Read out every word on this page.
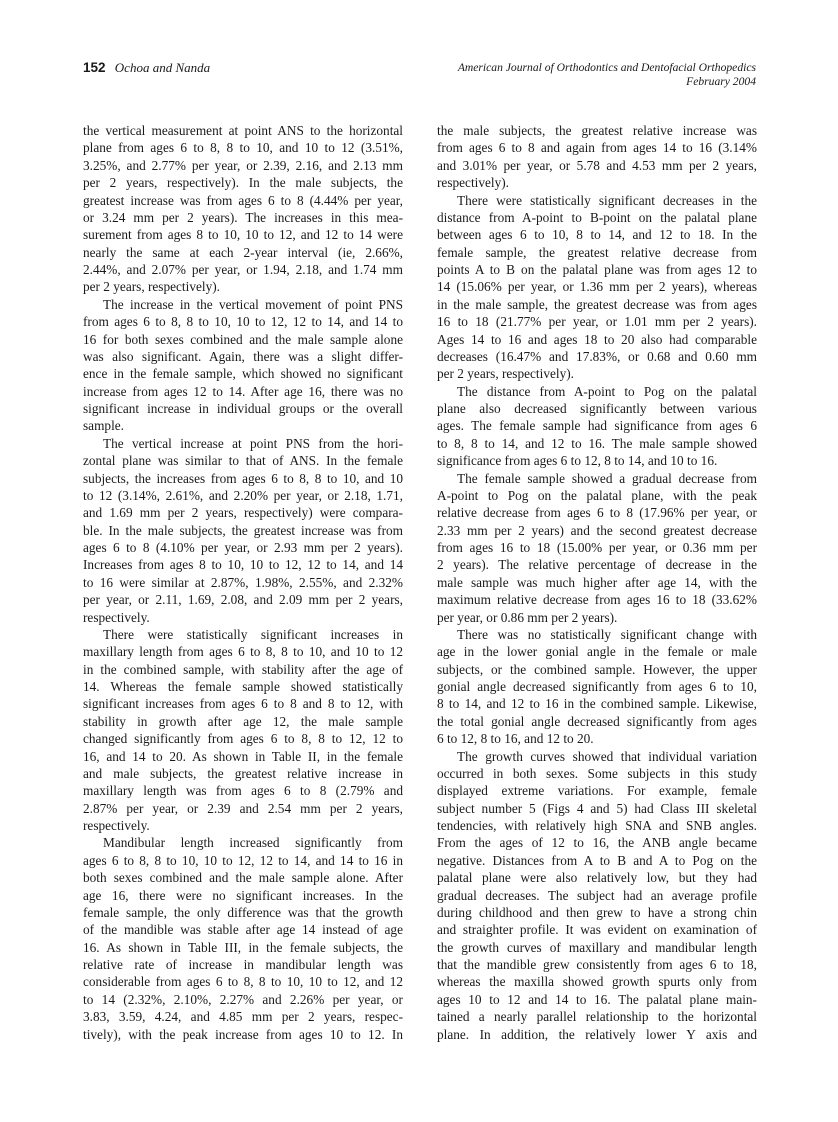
152 Ochoa and Nanda	American Journal of Orthodontics and Dentofacial Orthopedics
February 2004
the vertical measurement at point ANS to the horizontal
plane from ages 6 to 8, 8 to 10, and 10 to 12 (3.51%,
3.25%, and 2.77% per year, or 2.39, 2.16, and 2.13 mm
per 2 years, respectively). In the male subjects, the
greatest increase was from ages 6 to 8 (4.44% per year,
or 3.24 mm per 2 years). The increases in this mea-
surement from ages 8 to 10, 10 to 12, and 12 to 14 were
nearly the same at each 2-year interval (ie, 2.66%,
2.44%, and 2.07% per year, or 1.94, 2.18, and 1.74 mm
per 2 years, respectively).
The increase in the vertical movement of point PNS
from ages 6 to 8, 8 to 10, 10 to 12, 12 to 14, and 14 to
16 for both sexes combined and the male sample alone
was also significant. Again, there was a slight differ-
ence in the female sample, which showed no significant
increase from ages 12 to 14. After age 16, there was no
significant increase in individual groups or the overall
sample.
The vertical increase at point PNS from the hori-
zontal plane was similar to that of ANS. In the female
subjects, the increases from ages 6 to 8, 8 to 10, and 10
to 12 (3.14%, 2.61%, and 2.20% per year, or 2.18, 1.71,
and 1.69 mm per 2 years, respectively) were compara-
ble. In the male subjects, the greatest increase was from
ages 6 to 8 (4.10% per year, or 2.93 mm per 2 years).
Increases from ages 8 to 10, 10 to 12, 12 to 14, and 14
to 16 were similar at 2.87%, 1.98%, 2.55%, and 2.32%
per year, or 2.11, 1.69, 2.08, and 2.09 mm per 2 years,
respectively.
There were statistically significant increases in
maxillary length from ages 6 to 8, 8 to 10, and 10 to 12
in the combined sample, with stability after the age of
14. Whereas the female sample showed statistically
significant increases from ages 6 to 8 and 8 to 12, with
stability in growth after age 12, the male sample
changed significantly from ages 6 to 8, 8 to 12, 12 to
16, and 14 to 20. As shown in Table II, in the female
and male subjects, the greatest relative increase in
maxillary length was from ages 6 to 8 (2.79% and
2.87% per year, or 2.39 and 2.54 mm per 2 years,
respectively.
Mandibular length increased significantly from
ages 6 to 8, 8 to 10, 10 to 12, 12 to 14, and 14 to 16 in
both sexes combined and the male sample alone. After
age 16, there were no significant increases. In the
female sample, the only difference was that the growth
of the mandible was stable after age 14 instead of age
16. As shown in Table III, in the female subjects, the
relative rate of increase in mandibular length was
considerable from ages 6 to 8, 8 to 10, 10 to 12, and 12
to 14 (2.32%, 2.10%, 2.27% and 2.26% per year, or
3.83, 3.59, 4.24, and 4.85 mm per 2 years, respec-
tively), with the peak increase from ages 10 to 12. In
the male subjects, the greatest relative increase was
from ages 6 to 8 and again from ages 14 to 16 (3.14%
and 3.01% per year, or 5.78 and 4.53 mm per 2 years,
respectively).
There were statistically significant decreases in the
distance from A-point to B-point on the palatal plane
between ages 6 to 10, 8 to 14, and 12 to 18. In the
female sample, the greatest relative decrease from
points A to B on the palatal plane was from ages 12 to
14 (15.06% per year, or 1.36 mm per 2 years), whereas
in the male sample, the greatest decrease was from ages
16 to 18 (21.77% per year, or 1.01 mm per 2 years).
Ages 14 to 16 and ages 18 to 20 also had comparable
decreases (16.47% and 17.83%, or 0.68 and 0.60 mm
per 2 years, respectively).
The distance from A-point to Pog on the palatal
plane also decreased significantly between various
ages. The female sample had significance from ages 6
to 8, 8 to 14, and 12 to 16. The male sample showed
significance from ages 6 to 12, 8 to 14, and 10 to 16.
The female sample showed a gradual decrease from
A-point to Pog on the palatal plane, with the peak
relative decrease from ages 6 to 8 (17.96% per year, or
2.33 mm per 2 years) and the second greatest decrease
from ages 16 to 18 (15.00% per year, or 0.36 mm per
2 years). The relative percentage of decrease in the
male sample was much higher after age 14, with the
maximum relative decrease from ages 16 to 18 (33.62%
per year, or 0.86 mm per 2 years).
There was no statistically significant change with
age in the lower gonial angle in the female or male
subjects, or the combined sample. However, the upper
gonial angle decreased significantly from ages 6 to 10,
8 to 14, and 12 to 16 in the combined sample. Likewise,
the total gonial angle decreased significantly from ages
6 to 12, 8 to 16, and 12 to 20.
The growth curves showed that individual variation
occurred in both sexes. Some subjects in this study
displayed extreme variations. For example, female
subject number 5 (Figs 4 and 5) had Class III skeletal
tendencies, with relatively high SNA and SNB angles.
From the ages of 12 to 16, the ANB angle became
negative. Distances from A to B and A to Pog on the
palatal plane were also relatively low, but they had
gradual decreases. The subject had an average profile
during childhood and then grew to have a strong chin
and straighter profile. It was evident on examination of
the growth curves of maxillary and mandibular length
that the mandible grew consistently from ages 6 to 18,
whereas the maxilla showed growth spurts only from
ages 10 to 12 and 14 to 16. The palatal plane main-
tained a nearly parallel relationship to the horizontal
plane. In addition, the relatively lower Y axis and
